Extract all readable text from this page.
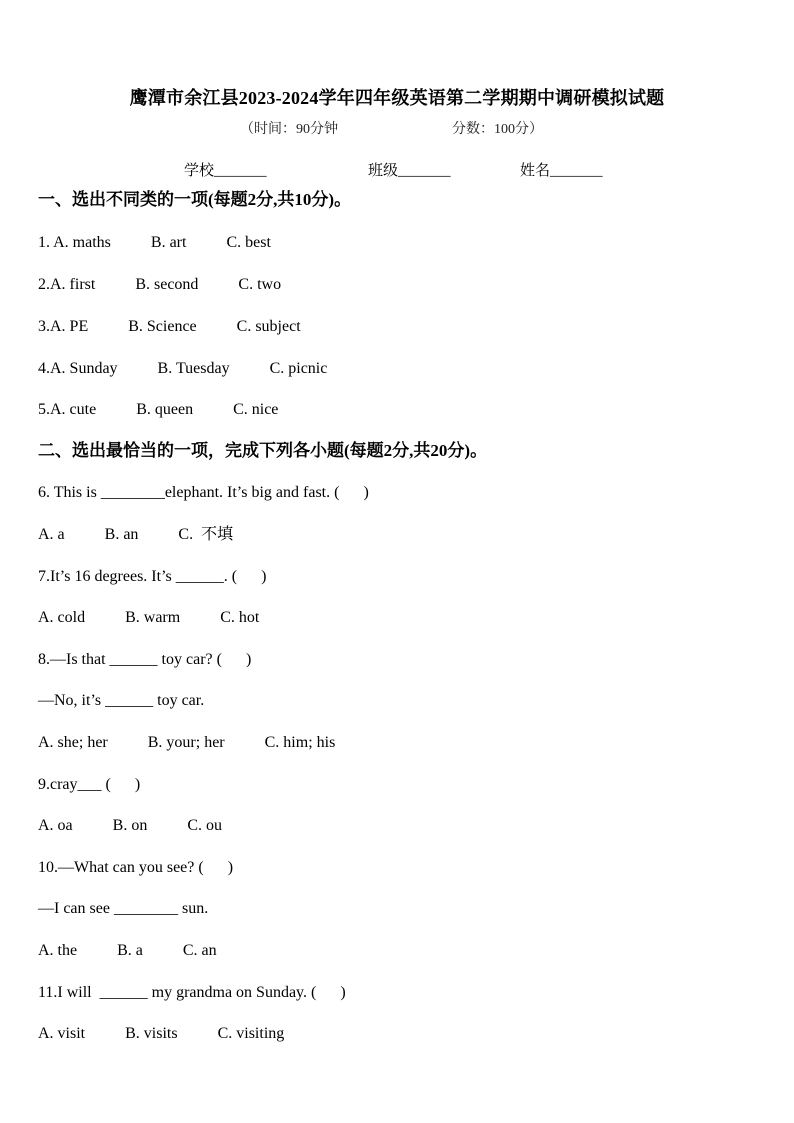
鹰潭市余江县2023-2024学年四年级英语第二学期期中调研模拟试题
（时间：90分钟	分数：100分）
学校_______	班级_______	姓名_______
一、选出不同类的一项(每题2分,共10分)。
1. A. maths          B. art          C. best
2.A. first          B. second          C. two
3.A. PE          B. Science          C. subject
4.A. Sunday          B. Tuesday          C. picnic
5.A. cute          B. queen          C. nice
二、选出最恰当的一项，完成下列各小题(每题2分,共20分)。
6. This is ________elephant. It’s big and fast. (      )
A. a          B. an          C.  不填
7.It’s 16 degrees. It’s ______. (      )
A. cold          B. warm          C. hot
8.—Is that ______ toy car? (      )
—No, it’s ______ toy car.
A. she; her          B. your; her          C. him; his
9.cray___ (      )
A. oa          B. on          C. ou
10.—What can you see? (      )
—I can see ________ sun.
A. the          B. a          C. an
11.I will  ______ my grandma on Sunday. (      )
A. visit          B. visits          C. visiting
